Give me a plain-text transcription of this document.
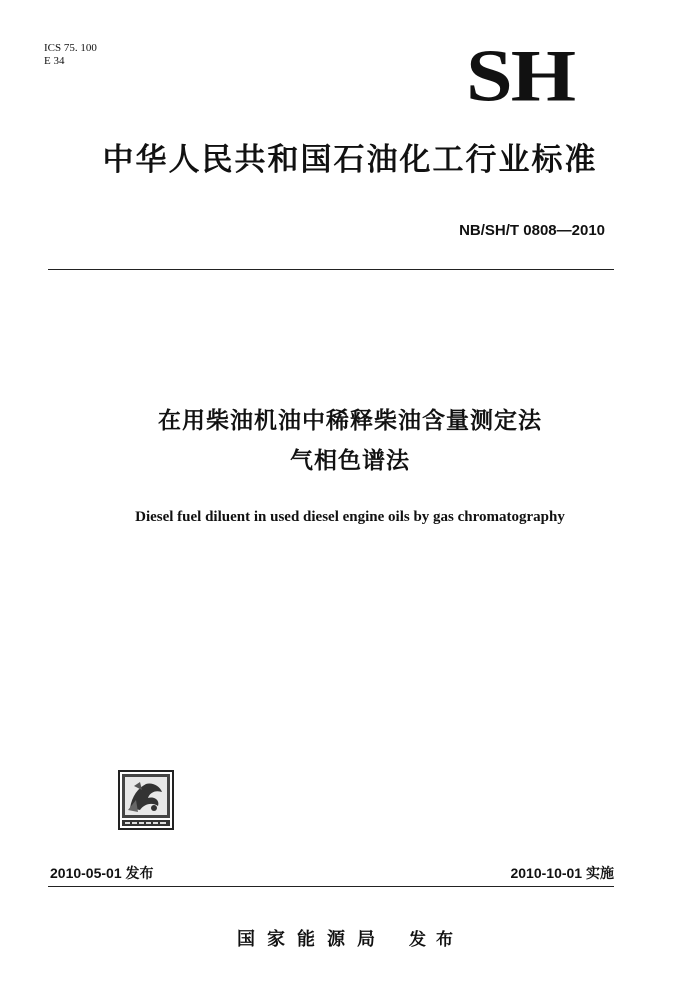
ICS 75. 100
E 34	SH
中华人民共和国石油化工行业标准
NB/SH/T 0808—2010
在用柴油机油中稀释柴油含量测定法
气相色谱法
Diesel fuel diluent in used diesel engine oils by gas chromatography
2010-05-01 发布	2010-10-01 实施
国家能源局 发布
